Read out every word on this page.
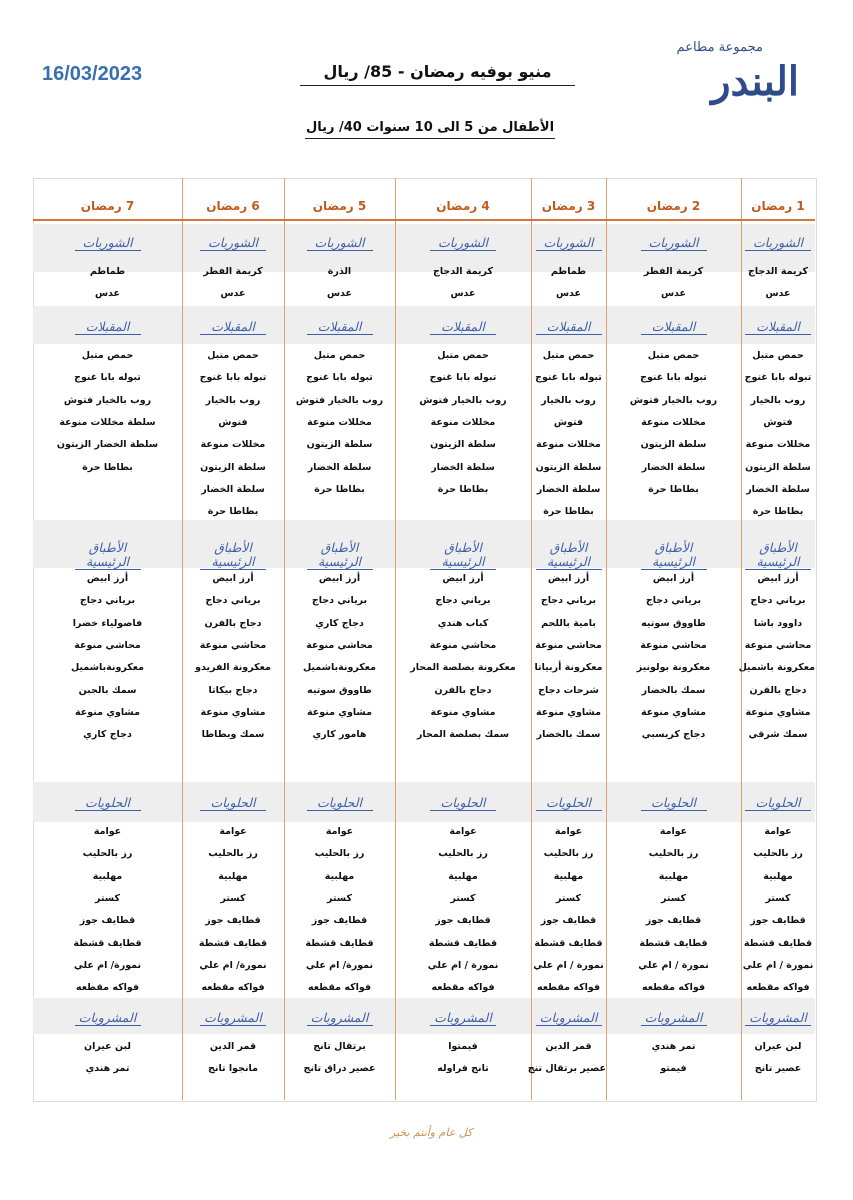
مجموعة مطاعم
البندر
16/03/2023	منيو بوفيه رمضان - 85/ ريال
الأطفال من 5 الى 10 سنوات 40/ ريال
1 رمضان
2 رمضان
3 رمضان
4 رمضان
5 رمضان
6 رمضان
7 رمضان
الشوربات
كريمة الدجاج
عدس
الشوربات
كريمة الفطر
عدس
الشوربات
طماطم
عدس
الشوربات
كريمة الدجاج
عدس
الشوربات
الذرة
عدس
الشوربات
كريمة الفطر
عدس
الشوربات
طماطم
عدس
المقبلات
حمص متبل
تبوله بابا غنوج
روب بالخيار
فتوش
مخللات منوعة
سلطة الزيتون
سلطة الخضار
بطاطا حرة
المقبلات
حمص متبل
تبوله بابا غنوج
روب بالخيار فتوش
مخللات منوعة
سلطة الزيتون
سلطة الخضار
بطاطا حرة
المقبلات
حمص متبل
تبوله بابا غنوج
روب بالخيار
فتوش
مخللات منوعة
سلطة الزيتون
سلطة الخضار
بطاطا حرة
المقبلات
حمص متبل
تبوله بابا غنوج
روب بالخيار فتوش
مخللات منوعة
سلطة الزيتون
سلطة الخضار
بطاطا حرة
المقبلات
حمص متبل
تبوله بابا غنوج
روب بالخيار فتوش
مخللات منوعة
سلطة الزيتون
سلطة الخضار
بطاطا حرة
المقبلات
حمص متبل
تبوله بابا غنوج
روب بالخيار
فتوش
مخللات منوعة
سلطة الزيتون
سلطة الخضار
بطاطا حرة
المقبلات
حمص متبل
تبوله بابا غنوج
روب بالخيار فتوش
سلطة مخللات منوعة
سلطة الخضار الزيتون
بطاطا حرة
الأطباق الرئيسية
أرز ابيض
برياني دجاج
داوود باشا
محاشي منوعة
معكرونة باشميل
دجاج بالفرن
مشاوي منوعة
سمك شرقي
الأطباق الرئيسية
أرز ابيض
برياني دجاج
طاووق سوتيه
محاشي منوعة
معكرونة بولونيز
سمك بالخضار
مشاوي منوعة
دجاج كريسبي
الأطباق الرئيسية
أرز ابيض
برياني دجاج
بامية باللحم
محاشي منوعة
معكرونة أربياتا
شرحات دجاج
مشاوي منوعة
سمك بالخضار
الأطباق الرئيسية
أرز ابيض
برياني دجاج
كباب هندي
محاشي منوعة
معكرونة بصلصة المحار
دجاج بالفرن
مشاوي منوعة
سمك بصلصة المحار
الأطباق الرئيسية
أرز ابيض
برياني دجاج
دجاج كاري
محاشي منوعة
معكرونةباشميل
طاووق سوتيه
مشاوي منوعة
هامور كاري
الأطباق الرئيسية
أرز ابيض
برياني دجاج
دجاج بالفرن
محاشي منوعة
معكرونة الفريدو
دجاج بيكاتا
مشاوي منوعة
سمك وبطاطا
الأطباق الرئيسية
أرز ابيض
برياني دجاج
فاصولياء خضرا
محاشي منوعة
معكرونةباشميل
سمك بالجبن
مشاوي منوعة
دجاج كاري
الحلويات
عوامة
رز بالحليب
مهلبية
كستر
قطايف جوز
قطايف قشطة
نمورة / ام علي
فواكه مقطعه
الحلويات
عوامة
رز بالحليب
مهلبية
كستر
قطايف جوز
قطايف قشطة
نمورة / ام علي
فواكه مقطعه
الحلويات
عوامة
رز بالحليب
مهلبية
كستر
قطايف جوز
قطايف قشطة
نمورة / ام علي
فواكه مقطعه
الحلويات
عوامة
رز بالحليب
مهلبية
كستر
قطايف جوز
قطايف قشطة
نمورة / ام علي
فواكه مقطعه
الحلويات
عوامة
رز بالحليب
مهلبية
كستر
قطايف جوز
قطايف قشطة
نمورة/ ام علي
فواكه مقطعه
الحلويات
عوامة
رز بالحليب
مهلبية
كستر
قطايف جوز
قطايف قشطة
نمورة/ ام علي
فواكه مقطعه
الحلويات
عوامة
رز بالحليب
مهلبية
كستر
قطايف جوز
قطايف قشطة
نمورة/ ام علي
فواكه مقطعه
المشروبات
لبن عيران
عصير تانج
المشروبات
تمر هندي
فيمتو
المشروبات
قمر الدين
عصير برتقال تنج
المشروبات
فيمتوا
تانج فراوله
المشروبات
برتقال تانج
عصير دراق تانج
المشروبات
قمر الدين
مانجوا تانج
المشروبات
لبن عيران
تمر هندي
كل عام وأنتم بخير
